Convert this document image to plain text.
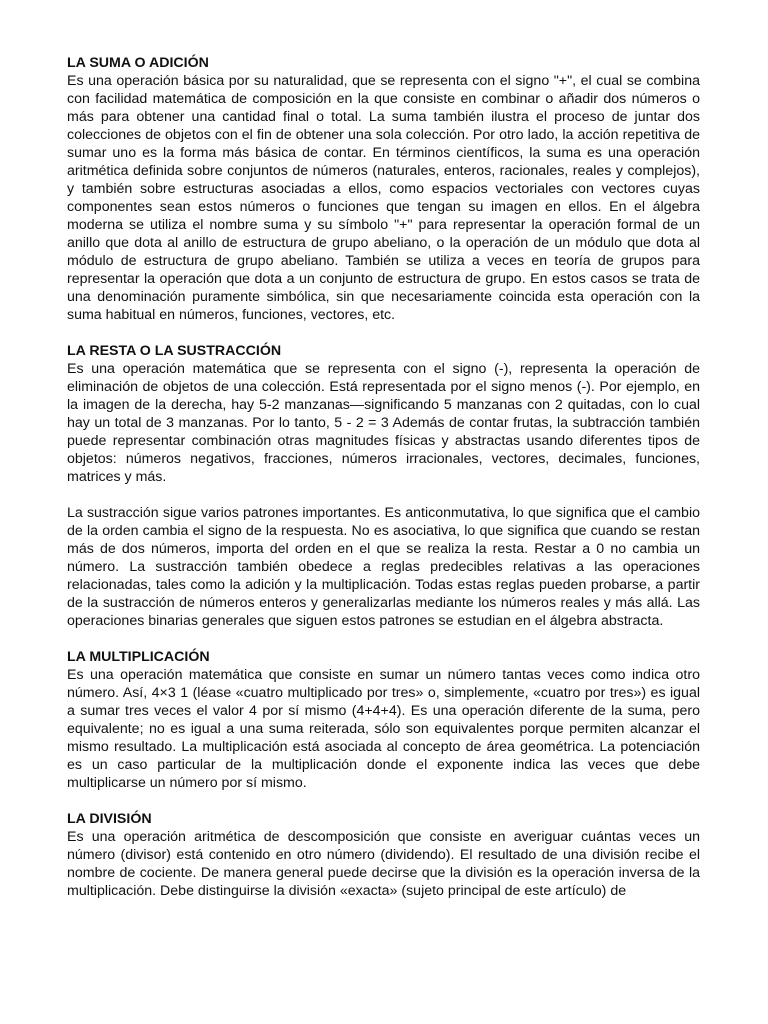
LA SUMA O ADICIÓN

Es una operación básica por su naturalidad, que se representa con el signo "+", el cual se combina con facilidad matemática de composición en la que consiste en combinar o añadir dos números o más para obtener una cantidad final o total. La suma también ilustra el proceso de juntar dos colecciones de objetos con el fin de obtener una sola colección. Por otro lado, la acción repetitiva de sumar uno es la forma más básica de contar. En términos científicos, la suma es una operación aritmética definida sobre conjuntos de números (naturales, enteros, racionales, reales y complejos), y también sobre estructuras asociadas a ellos, como espacios vectoriales con vectores cuyas componentes sean estos números o funciones que tengan su imagen en ellos. En el álgebra moderna se utiliza el nombre suma y su símbolo "+" para representar la operación formal de un anillo que dota al anillo de estructura de grupo abeliano, o la operación de un módulo que dota al módulo de estructura de grupo abeliano. También se utiliza a veces en teoría de grupos para representar la operación que dota a un conjunto de estructura de grupo. En estos casos se trata de una denominación puramente simbólica, sin que necesariamente coincida esta operación con la suma habitual en números, funciones, vectores, etc.

LA RESTA O LA SUSTRACCIÓN

Es una operación matemática que se representa con el signo (-), representa la operación de eliminación de objetos de una colección. Está representada por el signo menos (-). Por ejemplo, en la imagen de la derecha, hay 5-2 manzanas—significando 5 manzanas con 2 quitadas, con lo cual hay un total de 3 manzanas. Por lo tanto, 5 - 2 = 3 Además de contar frutas, la subtracción también puede representar combinación otras magnitudes físicas y abstractas usando diferentes tipos de objetos: números negativos, fracciones, números irracionales, vectores, decimales, funciones, matrices y más.

La sustracción sigue varios patrones importantes. Es anticonmutativa, lo que significa que el cambio de la orden cambia el signo de la respuesta. No es asociativa, lo que significa que cuando se restan más de dos números, importa del orden en el que se realiza la resta. Restar a 0 no cambia un número. La sustracción también obedece a reglas predecibles relativas a las operaciones relacionadas, tales como la adición y la multiplicación. Todas estas reglas pueden probarse, a partir de la sustracción de números enteros y generalizarlas mediante los números reales y más allá. Las operaciones binarias generales que siguen estos patrones se estudian en el álgebra abstracta.

LA MULTIPLICACIÓN

Es una operación matemática que consiste en sumar un número tantas veces como indica otro número. Así, 4×3 1 (léase «cuatro multiplicado por tres» o, simplemente, «cuatro por tres») es igual a sumar tres veces el valor 4 por sí mismo (4+4+4). Es una operación diferente de la suma, pero equivalente; no es igual a una suma reiterada, sólo son equivalentes porque permiten alcanzar el mismo resultado. La multiplicación está asociada al concepto de área geométrica. La potenciación es un caso particular de la multiplicación donde el exponente indica las veces que debe multiplicarse un número por sí mismo.

LA DIVISIÓN

Es una operación aritmética de descomposición que consiste en averiguar cuántas veces un número (divisor) está contenido en otro número (dividendo). El resultado de una división recibe el nombre de cociente. De manera general puede decirse que la división es la operación inversa de la multiplicación. Debe distinguirse la división «exacta» (sujeto principal de este artículo) de
